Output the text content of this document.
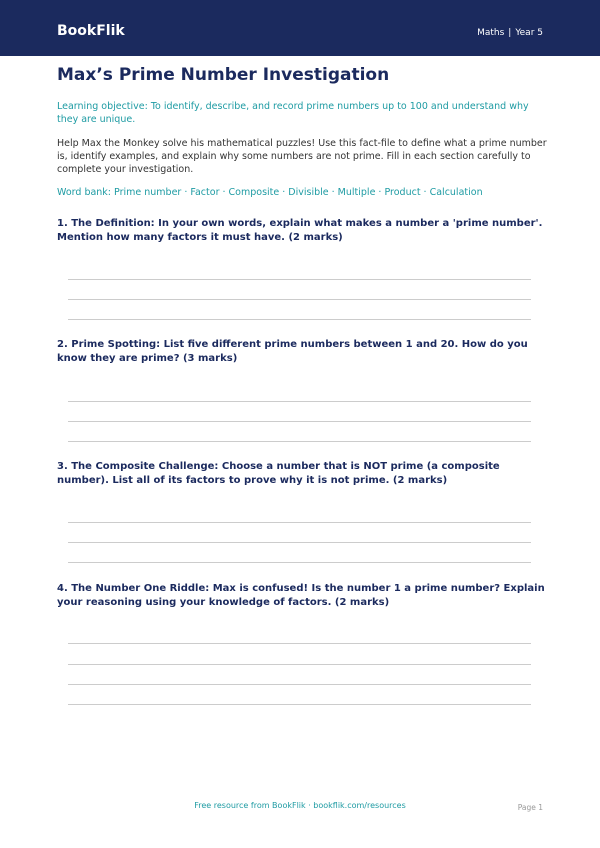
BookFlik	Maths | Year 5
Max’s Prime Number Investigation
Learning objective: To identify, describe, and record prime numbers up to 100 and understand why they are unique.
Help Max the Monkey solve his mathematical puzzles! Use this fact-file to define what a prime number is, identify examples, and explain why some numbers are not prime. Fill in each section carefully to complete your investigation.
Word bank: Prime number · Factor · Composite · Divisible · Multiple · Product · Calculation
1. The Definition: In your own words, explain what makes a number a 'prime number'. Mention how many factors it must have. (2 marks)
2. Prime Spotting: List five different prime numbers between 1 and 20. How do you know they are prime? (3 marks)
3. The Composite Challenge: Choose a number that is NOT prime (a composite number). List all of its factors to prove why it is not prime. (2 marks)
4. The Number One Riddle: Max is confused! Is the number 1 a prime number? Explain your reasoning using your knowledge of factors. (2 marks)
Free resource from BookFlik · bookflik.com/resources	Page 1
